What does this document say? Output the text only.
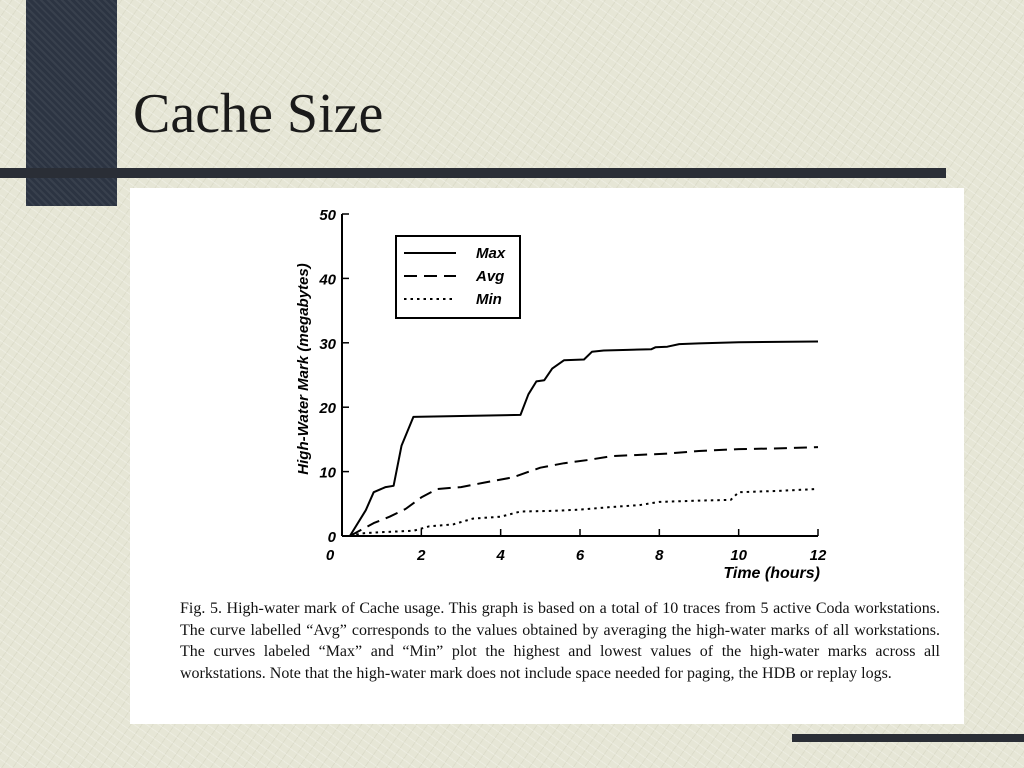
Cache Size
0
10
20
30
40
50
0	2	4	6	8	10	12
Time (hours)
High-Water Mark (megabytes)
Max
Avg
Min

Fig. 5. High-water mark of Cache usage. This graph is based on a total of 10 traces from 5 active Coda workstations. The curve labelled “Avg” corresponds to the values obtained by averaging the high-water marks of all workstations. The curves labeled “Max” and “Min” plot the highest and lowest values of the high-water marks across all workstations. Note that the high-water mark does not include space needed for paging, the HDB or replay logs.
